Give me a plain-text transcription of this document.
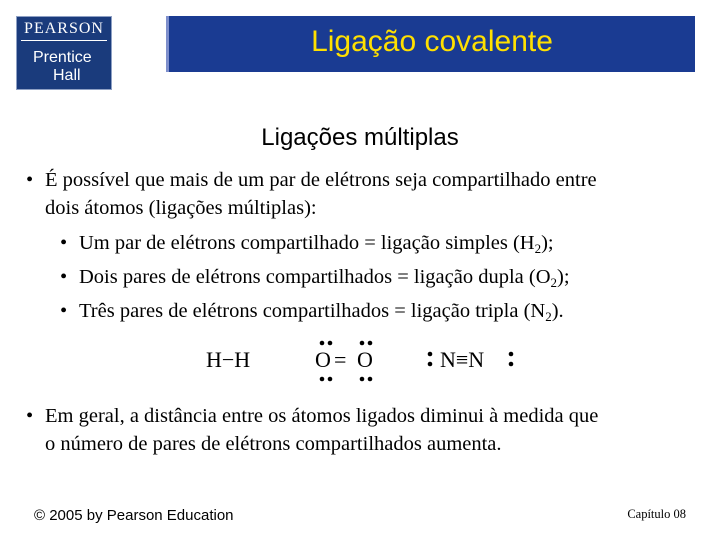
PEARSON
Prentice
Hall
Ligação covalente
Ligações múltiplas
• É possível que mais de um par de elétrons seja compartilhado entre
dois átomos (ligações múltiplas):
• Um par de elétrons compartilhado = ligação simples $(H_2)$;
• Dois pares de elétrons compartilhados = ligação dupla $(O_2)$;
• Três pares de elétrons compartilhados = ligação tripla $(N_2)$.
H−H	O = O	N≡N
• Em geral, a distância entre os átomos ligados diminui à medida que
o número de pares de elétrons compartilhados aumenta.
© 2005 by Pearson Education	Capítulo 08
